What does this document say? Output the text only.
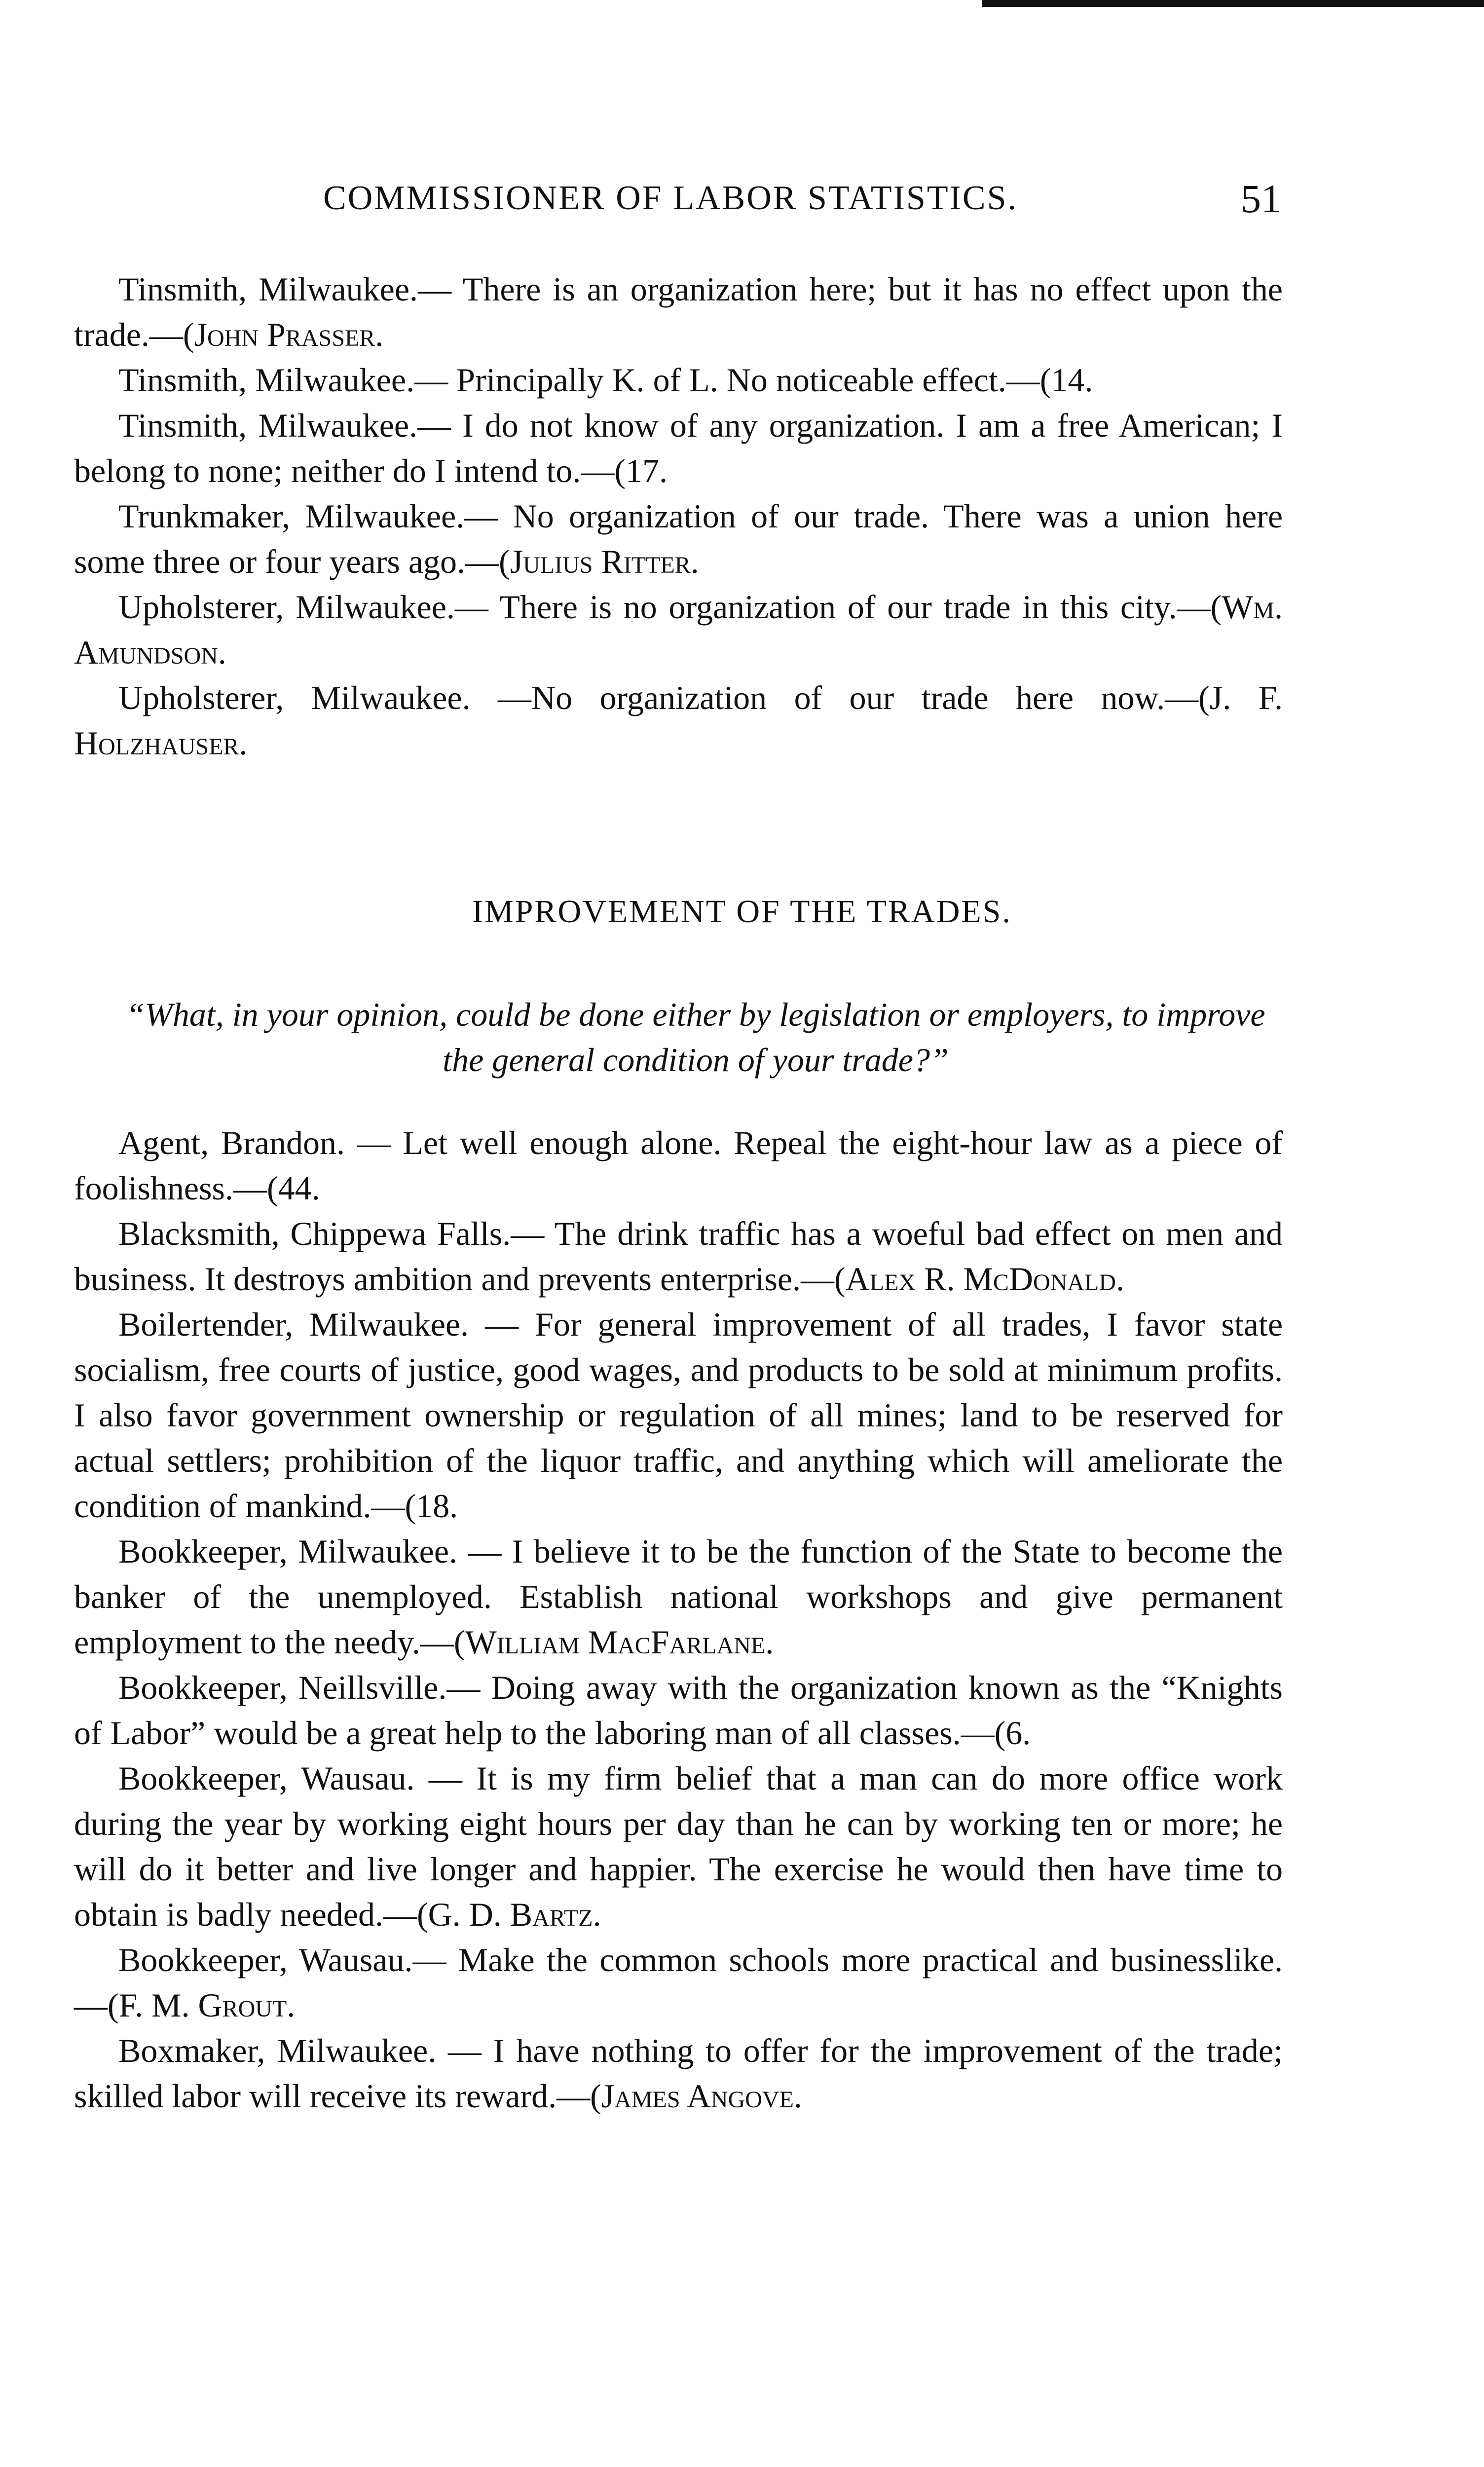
COMMISSIONER OF LABOR STATISTICS.	51

Tinsmith, Milwaukee.— There is an organization here; but it has no effect upon the trade.—(John Prasser.

Tinsmith, Milwaukee.— Principally K. of L. No noticeable effect.—(14.

Tinsmith, Milwaukee.— I do not know of any organization. I am a free American; I belong to none; neither do I intend to.—(17.

Trunkmaker, Milwaukee.— No organization of our trade. There was a union here some three or four years ago.—(Julius Ritter.

Upholsterer, Milwaukee.— There is no organization of our trade in this city.—(Wm. Amundson.

Upholsterer, Milwaukee. —No organization of our trade here now.—(J. F. Holzhauser.

IMPROVEMENT OF THE TRADES.
“What, in your opinion, could be done either by legislation or employers, to improve the general condition of your trade?”

Agent, Brandon. — Let well enough alone. Repeal the eight-hour law as a piece of foolishness.—(44.

Blacksmith, Chippewa Falls.— The drink traffic has a woeful bad effect on men and business. It destroys ambition and prevents enterprise.—(Alex R. McDonald.

Boilertender, Milwaukee. — For general improvement of all trades, I favor state socialism, free courts of justice, good wages, and products to be sold at minimum profits. I also favor government ownership or regulation of all mines; land to be reserved for actual settlers; prohibition of the liquor traffic, and anything which will ameliorate the condition of mankind.—(18.

Bookkeeper, Milwaukee. — I believe it to be the function of the State to become the banker of the unemployed. Establish national workshops and give permanent employment to the needy.—(William MacFarlane.

Bookkeeper, Neillsville.— Doing away with the organization known as the “Knights of Labor” would be a great help to the laboring man of all classes.—(6.

Bookkeeper, Wausau. — It is my firm belief that a man can do more office work during the year by working eight hours per day than he can by working ten or more; he will do it better and live longer and happier. The exercise he would then have time to obtain is badly needed.—(G. D. Bartz.

Bookkeeper, Wausau.— Make the common schools more practical and businesslike.—(F. M. Grout.

Boxmaker, Milwaukee. — I have nothing to offer for the improvement of the trade; skilled labor will receive its reward.—(James Angove.
